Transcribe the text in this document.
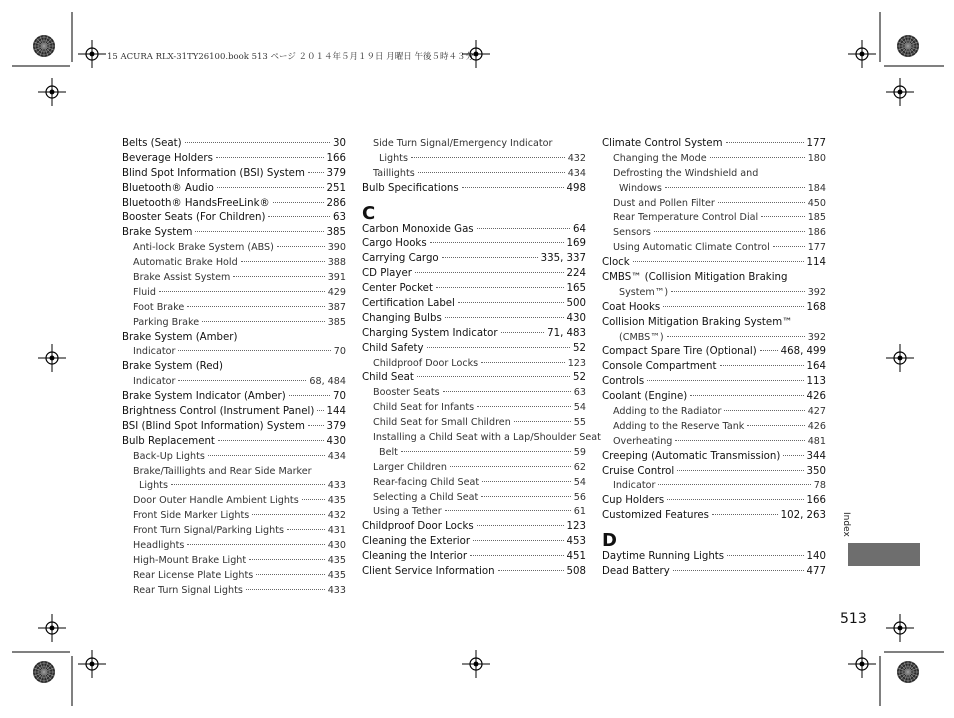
15 ACURA RLX-31TY26100.book 513 ページ ２０１４年５月１９日 月曜日 午後５時４３分
Belts (Seat)	30
Beverage Holders	166
Blind Spot Information (BSI) System 379
Bluetooth® Audio	251
Bluetooth® HandsFreeLink®	286
Booster Seats (For Children)	63
Brake System	385
Anti-lock Brake System (ABS)	390
Automatic Brake Hold	388
Brake Assist System	391
Fluid	429
Foot Brake	387
Parking Brake	385
Brake System (Amber)
Indicator	70
Brake System (Red)
Indicator	68, 484
Brake System Indicator (Amber)	70
Brightness Control (Instrument Panel) 144
BSI (Blind Spot Information) System 379
Bulb Replacement	430
Back-Up Lights	434
Brake/Taillights and Rear Side Marker
Lights	433
Door Outer Handle Ambient Lights	435
Front Side Marker Lights	432
Front Turn Signal/Parking Lights	431
Headlights	430
High-Mount Brake Light	435
Rear License Plate Lights	435
Rear Turn Signal Lights	433
Side Turn Signal/Emergency Indicator
Lights	432
Taillights	434
Bulb Specifications	498
C
Carbon Monoxide Gas	64
Cargo Hooks	169
Carrying Cargo	335, 337
CD Player	224
Center Pocket	165
Certification Label	500
Changing Bulbs	430
Charging System Indicator	71, 483
Child Safety	52
Childproof Door Locks	123
Child Seat	52
Booster Seats	63
Child Seat for Infants	54
Child Seat for Small Children	55
Installing a Child Seat with a Lap/Shoulder Seat
Belt	59
Larger Children	62
Rear-facing Child Seat	54
Selecting a Child Seat	56
Using a Tether	61
Childproof Door Locks	123
Cleaning the Exterior	453
Cleaning the Interior	451
Client Service Information	508
Climate Control System	177
Changing the Mode	180
Defrosting the Windshield and
Windows	184
Dust and Pollen Filter	450
Rear Temperature Control Dial	185
Sensors	186
Using Automatic Climate Control	177
Clock	114
CMBS™ (Collision Mitigation Braking
System™)	392
Coat Hooks	168
Collision Mitigation Braking System™
(CMBS™)	392
Compact Spare Tire (Optional) 468, 499
Console Compartment	164
Controls	113
Coolant (Engine)	426
Adding to the Radiator	427
Adding to the Reserve Tank	426
Overheating	481
Creeping (Automatic Transmission)	344
Cruise Control	350
Indicator	78
Cup Holders	166
Customized Features	102, 263
D
Daytime Running Lights	140
Dead Battery	477
Index
513
